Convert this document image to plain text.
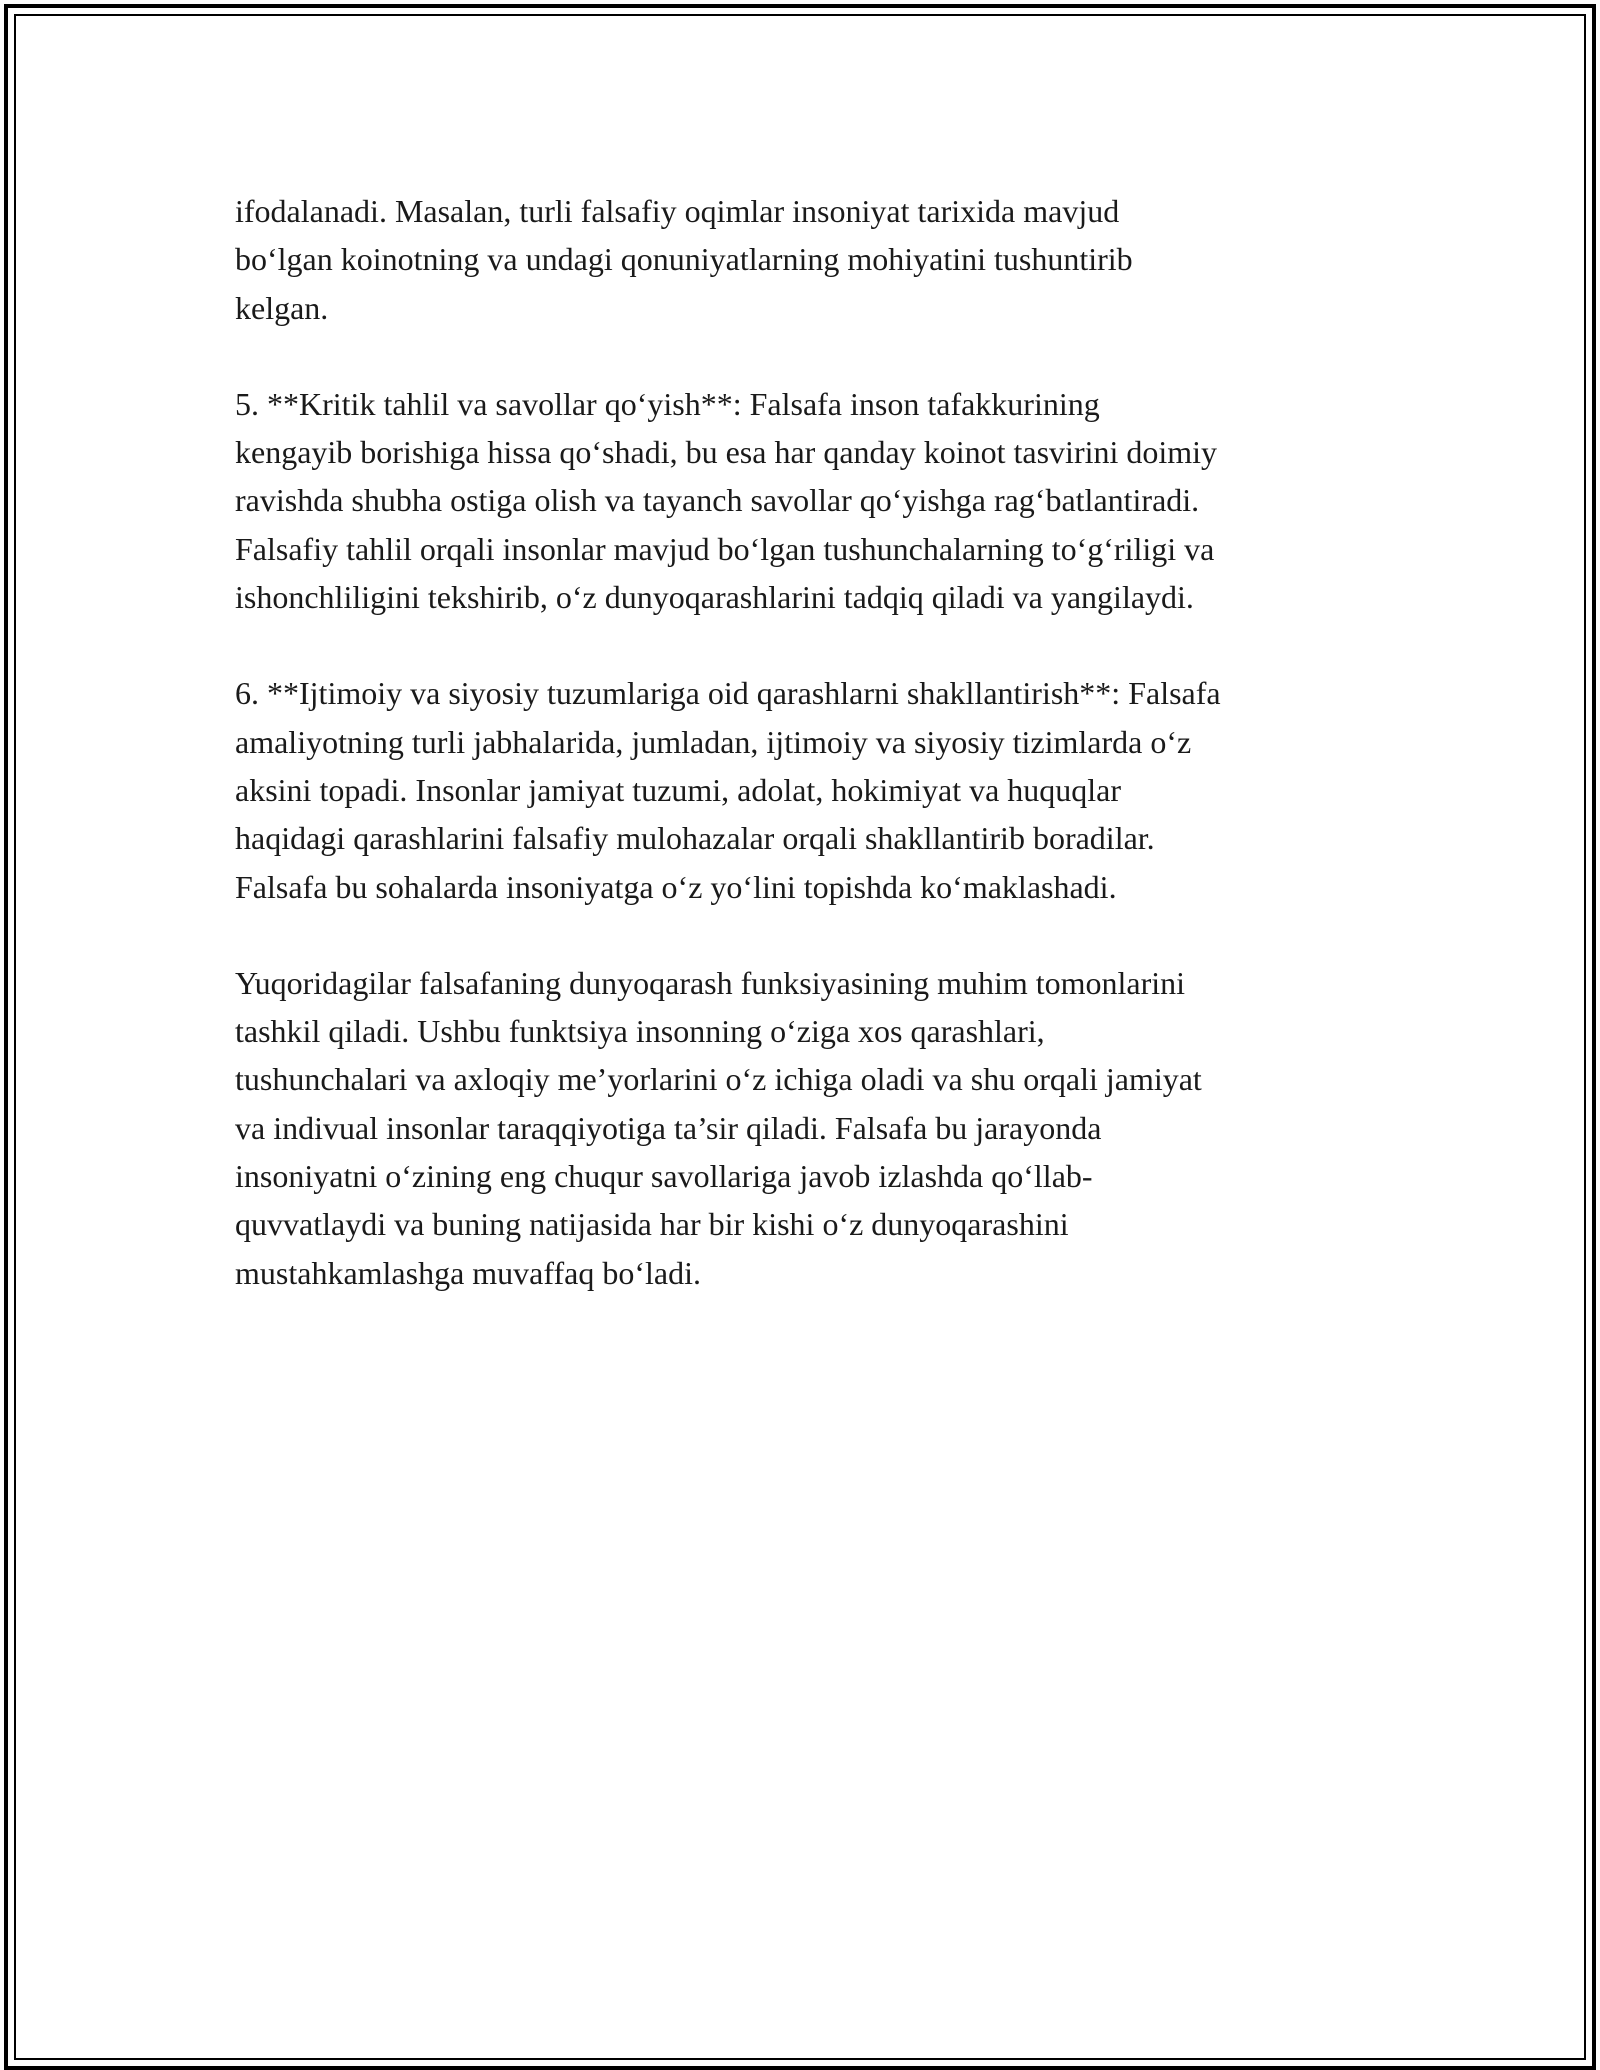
ifodalanadi. Masalan, turli falsafiy oqimlar insoniyat tarixida mavjud
bo‘lgan koinotning va undagi qonuniyatlarning mohiyatini tushuntirib
kelgan.

5. **Kritik tahlil va savollar qo‘yish**: Falsafa inson tafakkurining
kengayib borishiga hissa qo‘shadi, bu esa har qanday koinot tasvirini doimiy
ravishda shubha ostiga olish va tayanch savollar qo‘yishga rag‘batlantiradi.
Falsafiy tahlil orqali insonlar mavjud bo‘lgan tushunchalarning to‘g‘riligi va
ishonchliligini tekshirib, o‘z dunyoqarashlarini tadqiq qiladi va yangilaydi.

6. **Ijtimoiy va siyosiy tuzumlariga oid qarashlarni shakllantirish**: Falsafa
amaliyotning turli jabhalarida, jumladan, ijtimoiy va siyosiy tizimlarda o‘z
aksini topadi. Insonlar jamiyat tuzumi, adolat, hokimiyat va huquqlar
haqidagi qarashlarini falsafiy mulohazalar orqali shakllantirib boradilar.
Falsafa bu sohalarda insoniyatga o‘z yo‘lini topishda ko‘maklashadi.

Yuqoridagilar falsafaning dunyoqarash funksiyasining muhim tomonlarini
tashkil qiladi. Ushbu funktsiya insonning o‘ziga xos qarashlari,
tushunchalari va axloqiy me’yorlarini o‘z ichiga oladi va shu orqali jamiyat
va indivual insonlar taraqqiyotiga ta’sir qiladi. Falsafa bu jarayonda
insoniyatni o‘zining eng chuqur savollariga javob izlashda qo‘llab-
quvvatlaydi va buning natijasida har bir kishi o‘z dunyoqarashini
mustahkamlashga muvaffaq bo‘ladi.
